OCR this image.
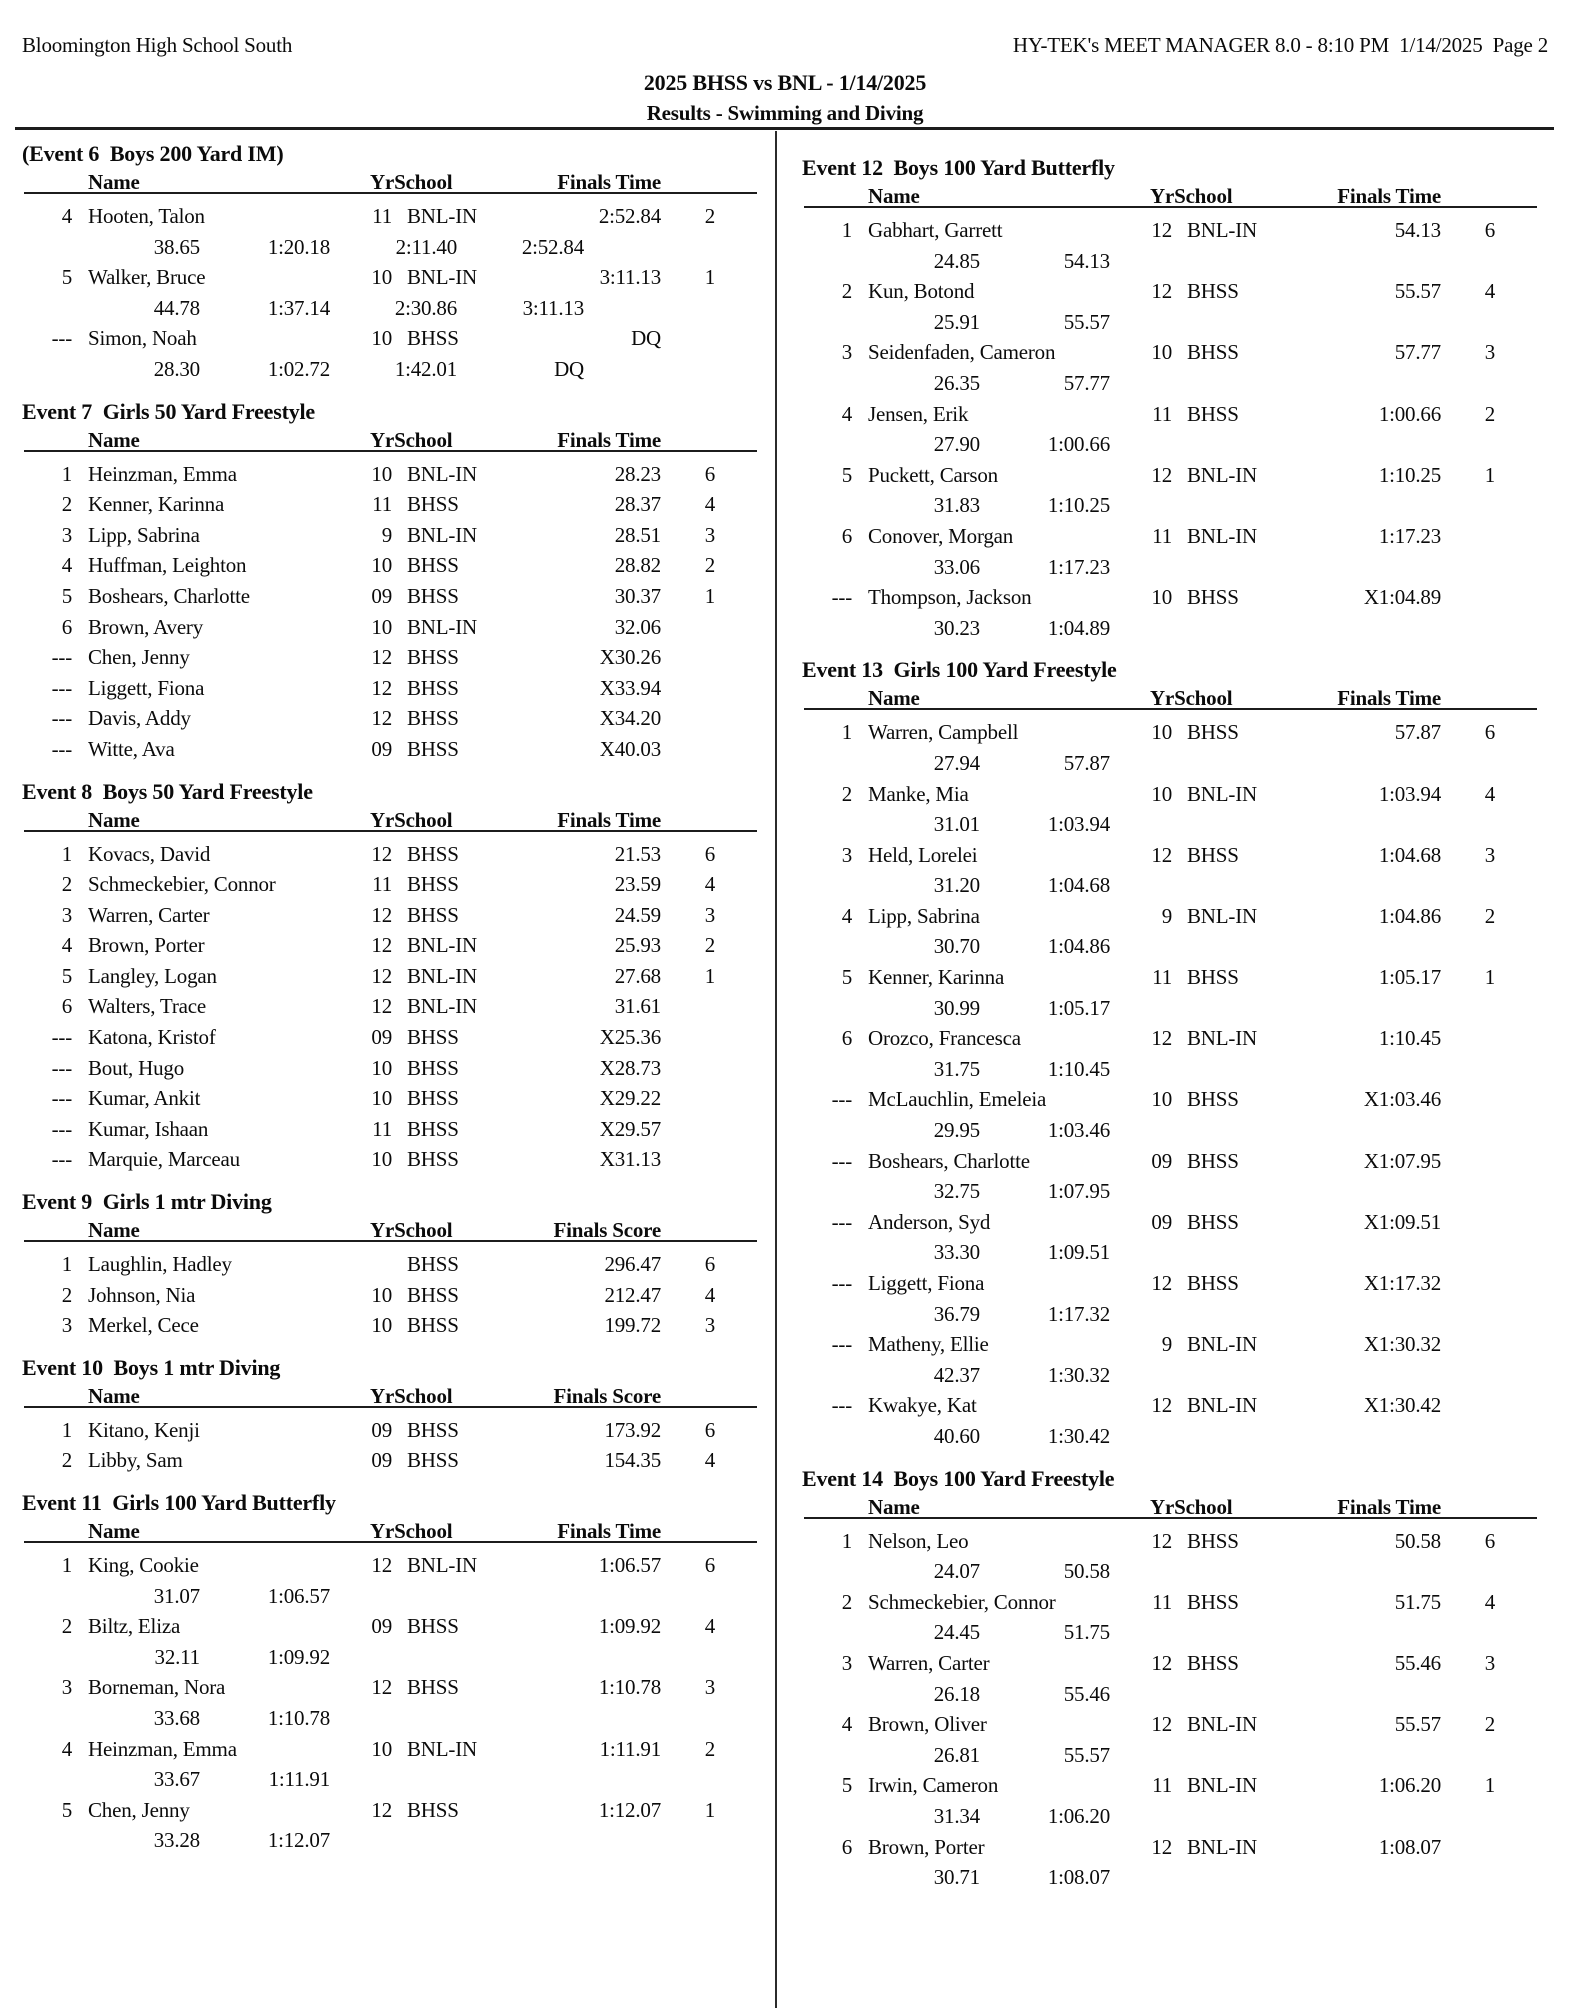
Bloomington High School South	HY-TEK's MEET MANAGER 8.0 - 8:10 PM  1/14/2025  Page 2
2025 BHSS vs BNL - 1/14/2025
Results - Swimming and Diving
(Event 6  Boys 200 Yard IM)
Name	YrSchool	Finals Time
4 Hooten, Talon	11 BNL-IN	2:52.84	2
38.65	1:20.18	2:11.40	2:52.84
5 Walker, Bruce	10 BNL-IN	3:11.13	1
44.78	1:37.14	2:30.86	3:11.13
--- Simon, Noah	10 BHSS	DQ
28.30	1:02.72	1:42.01	DQ
Event 7  Girls 50 Yard Freestyle
Name	YrSchool	Finals Time
1 Heinzman, Emma	10 BNL-IN	28.23	6
2 Kenner, Karinna	11 BHSS	28.37	4
3 Lipp, Sabrina	9 BNL-IN	28.51	3
4 Huffman, Leighton	10 BHSS	28.82	2
5 Boshears, Charlotte	09 BHSS	30.37	1
6 Brown, Avery	10 BNL-IN	32.06
--- Chen, Jenny	12 BHSS	X30.26
--- Liggett, Fiona	12 BHSS	X33.94
--- Davis, Addy	12 BHSS	X34.20
--- Witte, Ava	09 BHSS	X40.03
Event 8  Boys 50 Yard Freestyle
Name	YrSchool	Finals Time
1 Kovacs, David	12 BHSS	21.53	6
2 Schmeckebier, Connor	11 BHSS	23.59	4
3 Warren, Carter	12 BHSS	24.59	3
4 Brown, Porter	12 BNL-IN	25.93	2
5 Langley, Logan	12 BNL-IN	27.68	1
6 Walters, Trace	12 BNL-IN	31.61
--- Katona, Kristof	09 BHSS	X25.36
--- Bout, Hugo	10 BHSS	X28.73
--- Kumar, Ankit	10 BHSS	X29.22
--- Kumar, Ishaan	11 BHSS	X29.57
--- Marquie, Marceau	10 BHSS	X31.13
Event 9  Girls 1 mtr Diving
Name	YrSchool	Finals Score
1 Laughlin, Hadley	BHSS	296.47	6
2 Johnson, Nia	10 BHSS	212.47	4
3 Merkel, Cece	10 BHSS	199.72	3
Event 10  Boys 1 mtr Diving
Name	YrSchool	Finals Score
1 Kitano, Kenji	09 BHSS	173.92	6
2 Libby, Sam	09 BHSS	154.35	4
Event 11  Girls 100 Yard Butterfly
Name	YrSchool	Finals Time
1 King, Cookie	12 BNL-IN	1:06.57	6
31.07	1:06.57
2 Biltz, Eliza	09 BHSS	1:09.92	4
32.11	1:09.92
3 Borneman, Nora	12 BHSS	1:10.78	3
33.68	1:10.78
4 Heinzman, Emma	10 BNL-IN	1:11.91	2
33.67	1:11.91
5 Chen, Jenny	12 BHSS	1:12.07	1
33.28	1:12.07
Event 12  Boys 100 Yard Butterfly
Name	YrSchool	Finals Time
1 Gabhart, Garrett	12 BNL-IN	54.13	6
24.85	54.13
2 Kun, Botond	12 BHSS	55.57	4
25.91	55.57
3 Seidenfaden, Cameron	10 BHSS	57.77	3
26.35	57.77
4 Jensen, Erik	11 BHSS	1:00.66	2
27.90	1:00.66
5 Puckett, Carson	12 BNL-IN	1:10.25	1
31.83	1:10.25
6 Conover, Morgan	11 BNL-IN	1:17.23
33.06	1:17.23
--- Thompson, Jackson	10 BHSS	X1:04.89
30.23	1:04.89
Event 13  Girls 100 Yard Freestyle
Name	YrSchool	Finals Time
1 Warren, Campbell	10 BHSS	57.87	6
27.94	57.87
2 Manke, Mia	10 BNL-IN	1:03.94	4
31.01	1:03.94
3 Held, Lorelei	12 BHSS	1:04.68	3
31.20	1:04.68
4 Lipp, Sabrina	9 BNL-IN	1:04.86	2
30.70	1:04.86
5 Kenner, Karinna	11 BHSS	1:05.17	1
30.99	1:05.17
6 Orozco, Francesca	12 BNL-IN	1:10.45
31.75	1:10.45
--- McLauchlin, Emeleia	10 BHSS	X1:03.46
29.95	1:03.46
--- Boshears, Charlotte	09 BHSS	X1:07.95
32.75	1:07.95
--- Anderson, Syd	09 BHSS	X1:09.51
33.30	1:09.51
--- Liggett, Fiona	12 BHSS	X1:17.32
36.79	1:17.32
--- Matheny, Ellie	9 BNL-IN	X1:30.32
42.37	1:30.32
--- Kwakye, Kat	12 BNL-IN	X1:30.42
40.60	1:30.42
Event 14  Boys 100 Yard Freestyle
Name	YrSchool	Finals Time
1 Nelson, Leo	12 BHSS	50.58	6
24.07	50.58
2 Schmeckebier, Connor	11 BHSS	51.75	4
24.45	51.75
3 Warren, Carter	12 BHSS	55.46	3
26.18	55.46
4 Brown, Oliver	12 BNL-IN	55.57	2
26.81	55.57
5 Irwin, Cameron	11 BNL-IN	1:06.20	1
31.34	1:06.20
6 Brown, Porter	12 BNL-IN	1:08.07
30.71	1:08.07
